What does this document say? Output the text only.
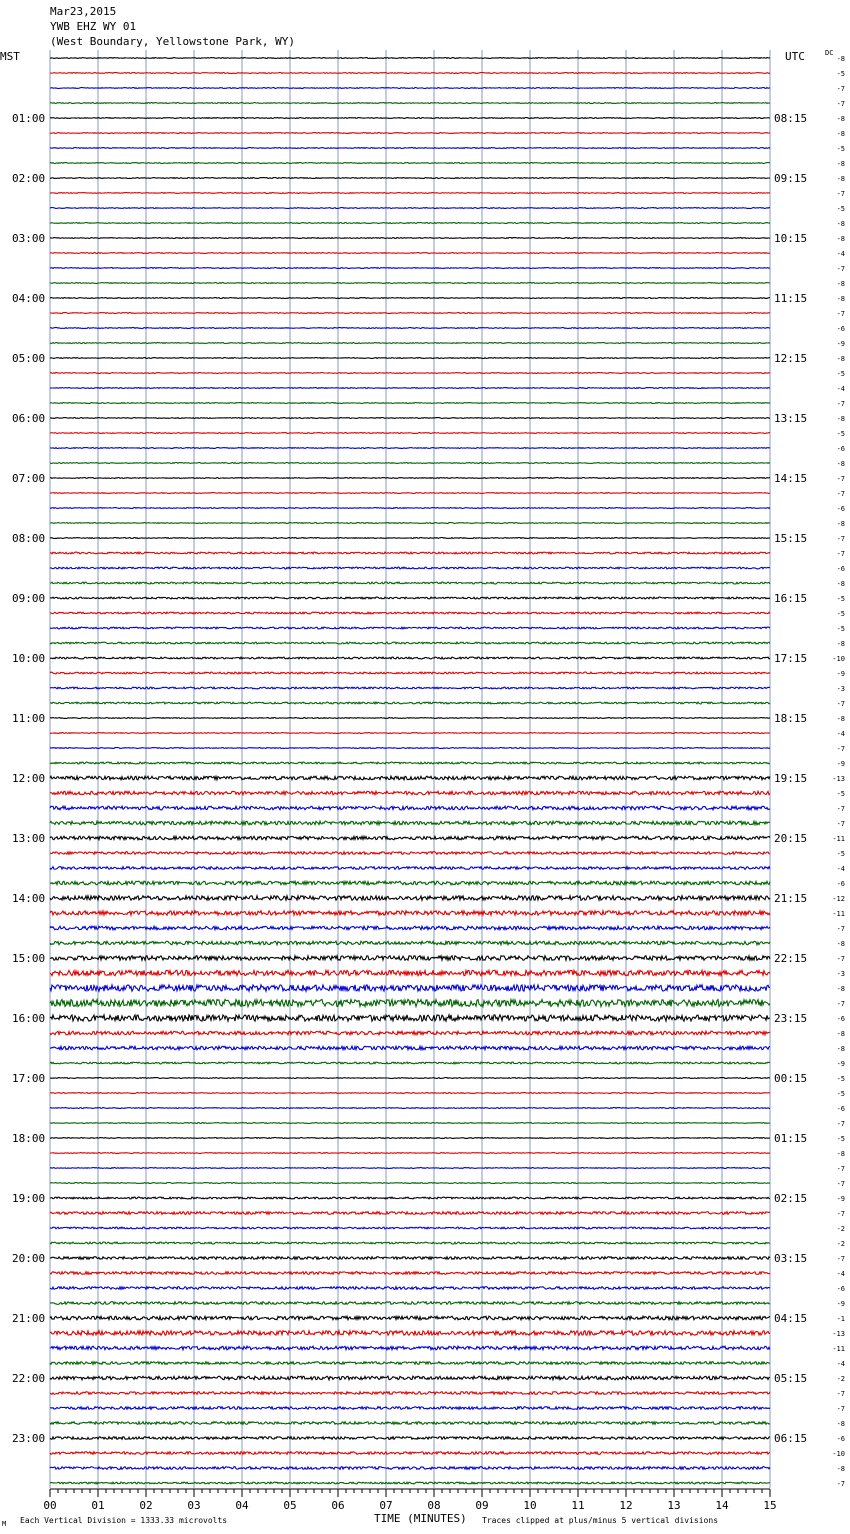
Mar23,2015
YWB EHZ WY 01
(West Boundary, Yellowstone Park, WY)
01:00
02:00
03:00
04:00
05:00
06:00
07:00
08:00
09:00
10:00
11:00
12:00
13:00
14:00
15:00
16:00
17:00
18:00
19:00
20:00
21:00
22:00
23:00
08:15
09:15
10:15
11:15
12:15
13:15
14:15
15:15
16:15
17:15
18:15
19:15
20:15
21:15
22:15
23:15
00:15
01:15
02:15
03:15
04:15
05:15
06:15
-8
-5
-7
-7
-8
-8
-5
-8
-8
-7
-5
-8
-8
-4
-7
-8
-8
-7
-6
-9
-8
-5
-4
-7
-8
-5
-6
-8
-7
-7
-6
-8
-7
-7
-6
-8
-5
-5
-5
-8
-10
-9
-3
-7
-8
-4
-7
-9
-13
-5
-7
-7
-11
-5
-4
-6
-12
-11
-7
-8
-7
-3
-8
-7
-6
-8
-8
-9
-5
-5
-6
-7
-5
-8
-7
-7
-9
-7
-2
-2
-7
-4
-6
-9
-1
-13
-11
-4
-2
-7
-7
-8
-6
-10
-8
-7
00	01	02	03	04	05	06	07	08	09	10	11	12	13	14	15
MST	UTC	DC
TIME (MINUTES)
Each Vertical Division = 1333.33 microvolts	Traces clipped at plus/minus 5 vertical divisions
M
